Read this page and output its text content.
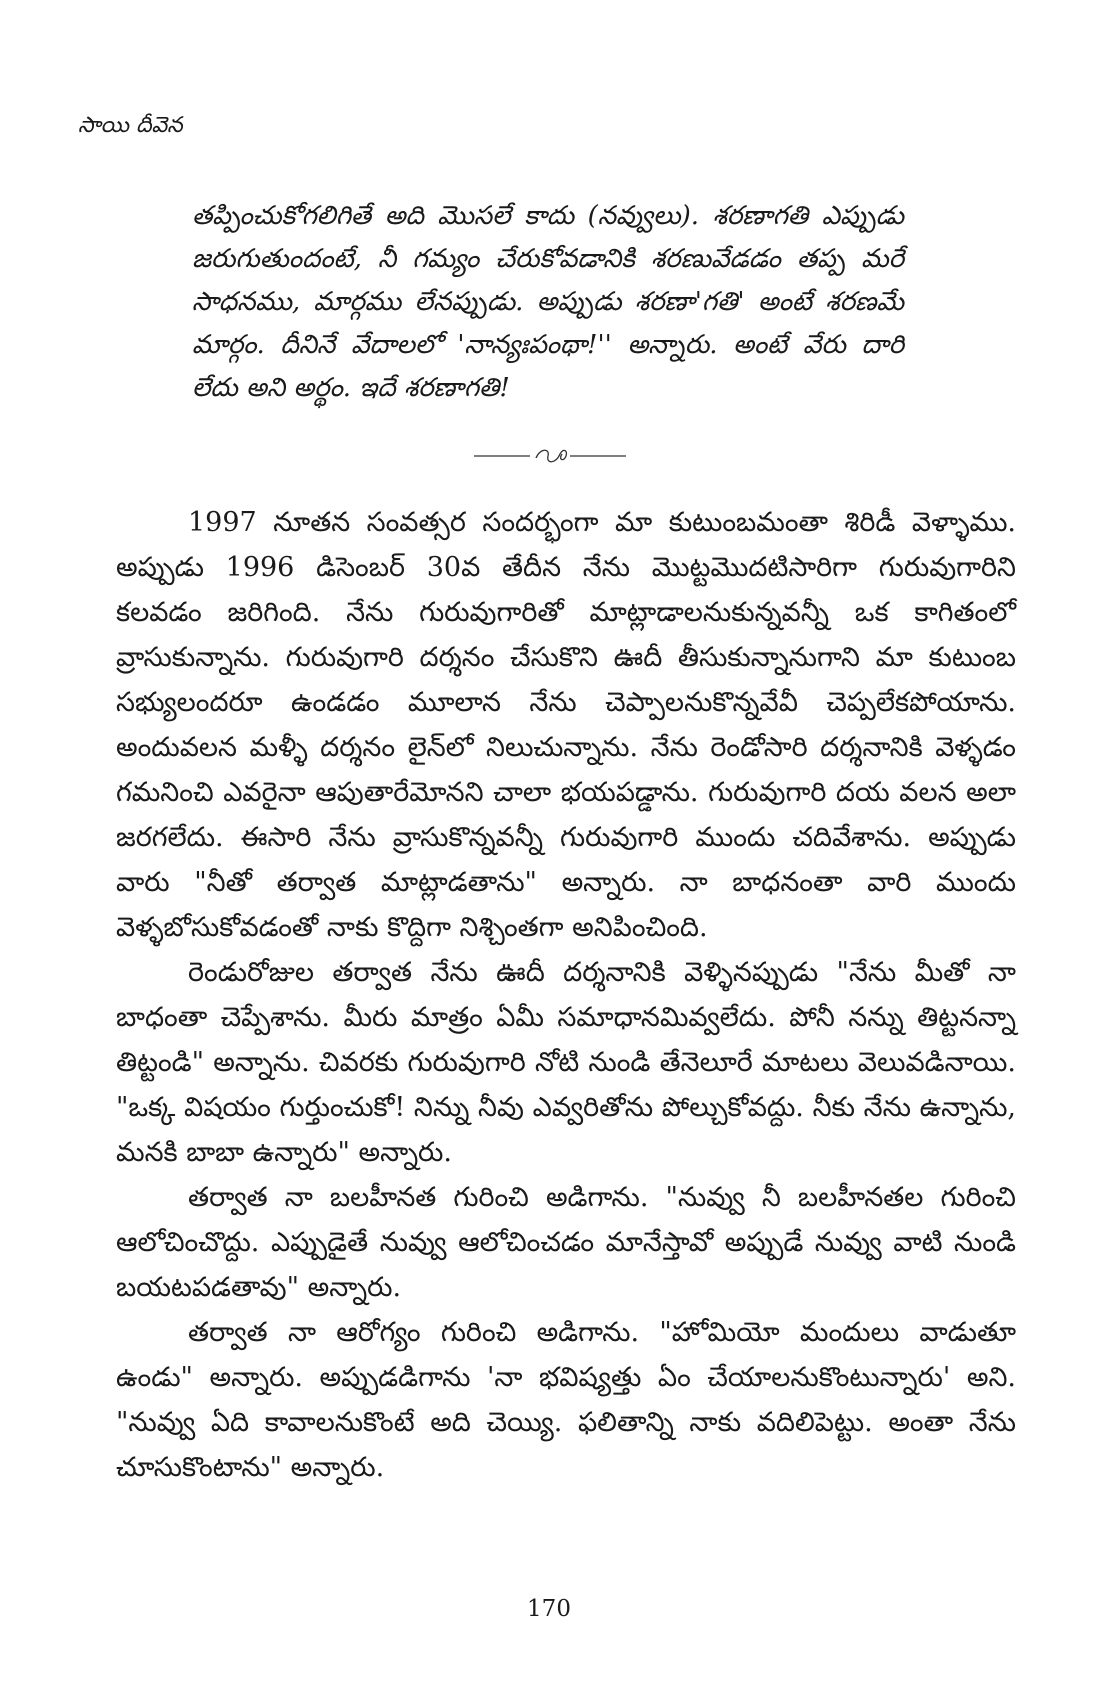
సాయి దీవెన

తప్పించుకోగలిగితే అది మొసలే కాదు (నవ్వులు). శరణాగతి ఎప్పుడు జరుగుతుందంటే, నీ గమ్యం చేరుకోవడానికి శరణువేడడం తప్ప మరే సాధనము, మార్గము లేనప్పుడు. అప్పుడు శరణా'గతి' అంటే శరణమే మార్గం. దీనినే వేదాలలో 'నాన్యఃపంథా!'' అన్నారు. అంటే వేరు దారి లేదు అని అర్థం. ఇదే శరణాగతి!

1997 నూతన సంవత్సర సందర్భంగా మా కుటుంబమంతా శిరిడీ వెళ్ళాము. అప్పుడు 1996 డిసెంబర్ 30వ తేదీన నేను మొట్టమొదటిసారిగా గురువుగారిని కలవడం జరిగింది. నేను గురువుగారితో మాట్లాడాలనుకున్నవన్నీ ఒక కాగితంలో వ్రాసుకున్నాను. గురువుగారి దర్శనం చేసుకొని ఊదీ తీసుకున్నానుగాని మా కుటుంబ సభ్యులందరూ ఉండడం మూలాన నేను చెప్పాలనుకొన్నవేవీ చెప్పలేకపోయాను. అందువలన మళ్ళీ దర్శనం లైన్‌లో నిలుచున్నాను. నేను రెండోసారి దర్శనానికి వెళ్ళడం గమనించి ఎవరైనా ఆపుతారేమోనని చాలా భయపడ్డాను. గురువుగారి దయ వలన అలా జరగలేదు. ఈసారి నేను వ్రాసుకొన్నవన్నీ గురువుగారి ముందు చదివేశాను. అప్పుడు వారు "నీతో తర్వాత మాట్లాడతాను" అన్నారు. నా బాధనంతా వారి ముందు వెళ్ళబోసుకోవడంతో నాకు కొద్దిగా నిశ్చింతగా అనిపించింది.

రెండురోజుల తర్వాత నేను ఊదీ దర్శనానికి వెళ్ళినప్పుడు "నేను మీతో నా బాధంతా చెప్పేశాను. మీరు మాత్రం ఏమీ సమాధానమివ్వలేదు. పోనీ నన్ను తిట్టనన్నా తిట్టండి" అన్నాను. చివరకు గురువుగారి నోటి నుండి తేనెలూరే మాటలు వెలువడినాయి. "ఒక్క విషయం గుర్తుంచుకో! నిన్ను నీవు ఎవ్వరితోను పోల్చుకోవద్దు. నీకు నేను ఉన్నాను, మనకి బాబా ఉన్నారు" అన్నారు.

తర్వాత నా బలహీనత గురించి అడిగాను. "నువ్వు నీ బలహీనతల గురించి ఆలోచించొద్దు. ఎప్పుడైతే నువ్వు ఆలోచించడం మానేస్తావో అప్పుడే నువ్వు వాటి నుండి బయటపడతావు" అన్నారు.

తర్వాత నా ఆరోగ్యం గురించి అడిగాను. "హోమియో మందులు వాడుతూ ఉండు" అన్నారు. అప్పుడడిగాను 'నా భవిష్యత్తు ఏం చేయాలనుకొంటున్నారు' అని. "నువ్వు ఏది కావాలనుకొంటే అది చెయ్యి. ఫలితాన్ని నాకు వదిలిపెట్టు. అంతా నేను చూసుకొంటాను" అన్నారు.

170
